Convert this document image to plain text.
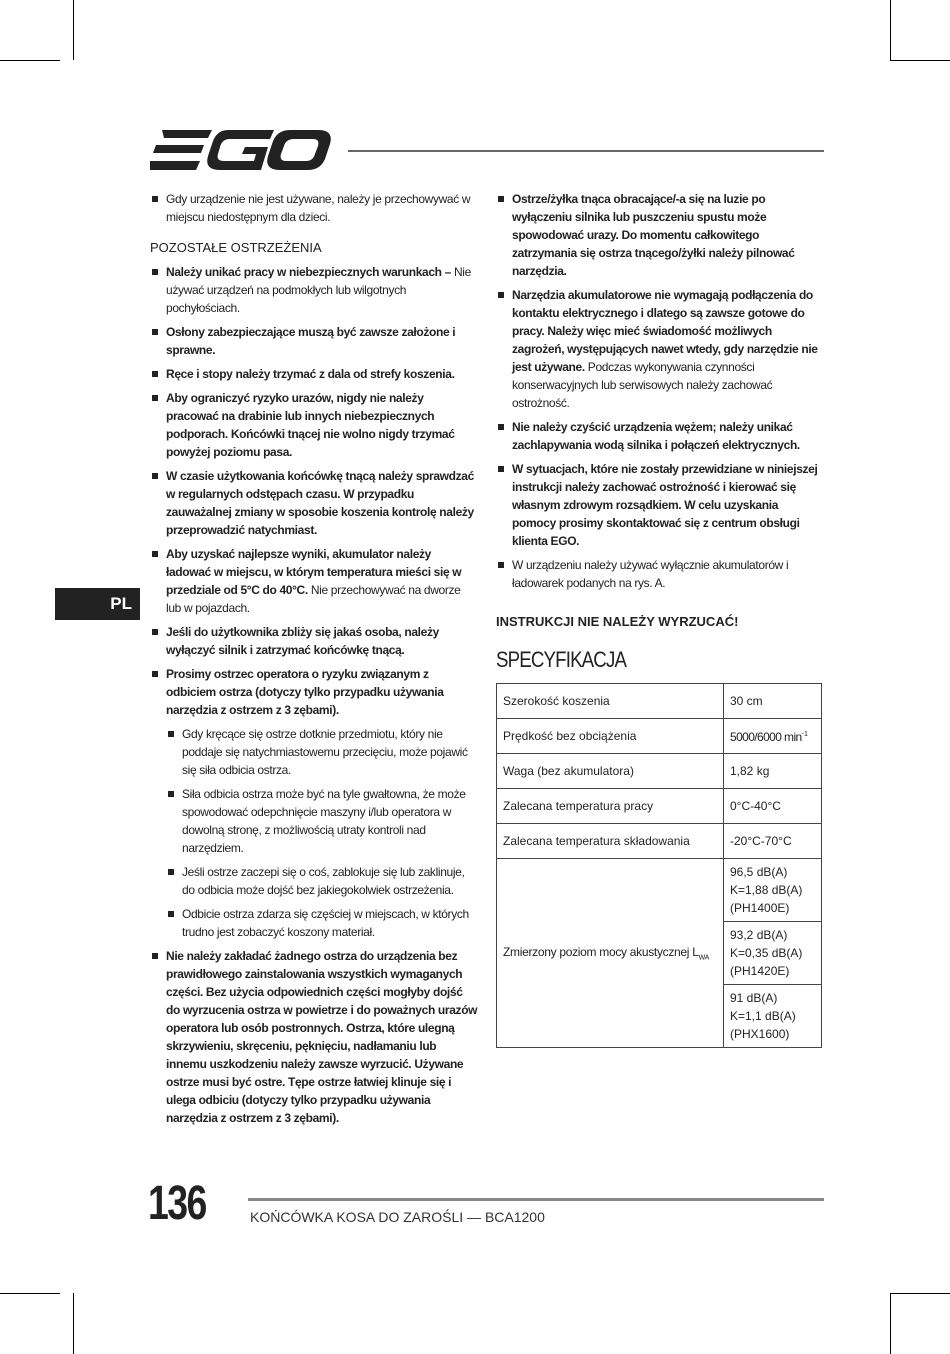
PL
Gdy urządzenie nie jest używane, należy je przechowywać w miejscu niedostępnym dla dzieci.
POZOSTAŁE OSTRZEŻENIA
Należy unikać pracy w niebezpiecznych warunkach – Nie używać urządzeń na podmokłych lub wilgotnych pochyłościach.
Osłony zabezpieczające muszą być zawsze założone i sprawne.
Ręce i stopy należy trzymać z dala od strefy koszenia.
Aby ograniczyć ryzyko urazów, nigdy nie należy pracować na drabinie lub innych niebezpiecznych podporach. Końcówki tnącej nie wolno nigdy trzymać powyżej poziomu pasa.
W czasie użytkowania końcówkę tnącą należy sprawdzać w regularnych odstępach czasu. W przypadku zauważalnej zmiany w sposobie koszenia kontrolę należy przeprowadzić natychmiast.
Aby uzyskać najlepsze wyniki, akumulator należy ładować w miejscu, w którym temperatura mieści się w przedziale od 5°C do 40°C. Nie przechowywać na dworze lub w pojazdach.
Jeśli do użytkownika zbliży się jakaś osoba, należy wyłączyć silnik i zatrzymać końcówkę tnącą.
Prosimy ostrzec operatora o ryzyku związanym z odbiciem ostrza (dotyczy tylko przypadku używania narzędzia z ostrzem z 3 zębami).
Gdy kręcące się ostrze dotknie przedmiotu, który nie poddaje się natychmiastowemu przecięciu, może pojawić się siła odbicia ostrza.
Siła odbicia ostrza może być na tyle gwałtowna, że może spowodować odepchnięcie maszyny i/lub operatora w dowolną stronę, z możliwością utraty kontroli nad narzędziem.
Jeśli ostrze zaczepi się o coś, zablokuje się lub zaklinuje, do odbicia może dojść bez jakiegokolwiek ostrzeżenia.
Odbicie ostrza zdarza się częściej w miejscach, w których trudno jest zobaczyć koszony materiał.
Nie należy zakładać żadnego ostrza do urządzenia bez prawidłowego zainstalowania wszystkich wymaganych części. Bez użycia odpowiednich części mogłyby dojść do wyrzucenia ostrza w powietrze i do poważnych urazów operatora lub osób postronnych. Ostrza, które ulegną skrzywieniu, skręceniu, pęknięciu, nadłamaniu lub innemu uszkodzeniu należy zawsze wyrzucić. Używane ostrze musi być ostre. Tępe ostrze łatwiej klinuje się i ulega odbiciu (dotyczy tylko przypadku używania narzędzia z ostrzem z 3 zębami).
Ostrze/żyłka tnąca obracające/-a się na luzie po wyłączeniu silnika lub puszczeniu spustu może spowodować urazy. Do momentu całkowitego zatrzymania się ostrza tnącego/żyłki należy pilnować narzędzia.
Narzędzia akumulatorowe nie wymagają podłączenia do kontaktu elektrycznego i dlatego są zawsze gotowe do pracy. Należy więc mieć świadomość możliwych zagrożeń, występujących nawet wtedy, gdy narzędzie nie jest używane. Podczas wykonywania czynności konserwacyjnych lub serwisowych należy zachować ostrożność.
Nie należy czyścić urządzenia wężem; należy unikać zachlapywania wodą silnika i połączeń elektrycznych.
W sytuacjach, które nie zostały przewidziane w niniejszej instrukcji należy zachować ostrożność i kierować się własnym zdrowym rozsądkiem. W celu uzyskania pomocy prosimy skontaktować się z centrum obsługi klienta EGO.
W urządzeniu należy używać wyłącznie akumulatorów i ładowarek podanych na rys. A.
INSTRUKCJI NIE NALEŻY WYRZUCAĆ!
SPECYFIKACJA
Szerokość koszenia	30 cm
Prędkość bez obciążenia	5000/6000 $\min^{-1}$
Waga (bez akumulatora)	1,82 kg
Zalecana temperatura pracy	0°C-40°C
Zalecana temperatura składowania	-20°C-70°C
Zmierzony poziom mocy akustycznej $L_{WA}$	96,5 dB(A)
K=1,88 dB(A)
(PH1400E)

	93,2 dB(A)
K=0,35 dB(A)
(PH1420E)

	91 dB(A)
K=1,1 dB(A)
(PHX1600)
136	KOŃCÓWKA KOSA DO ZAROŚLI — BCA1200
